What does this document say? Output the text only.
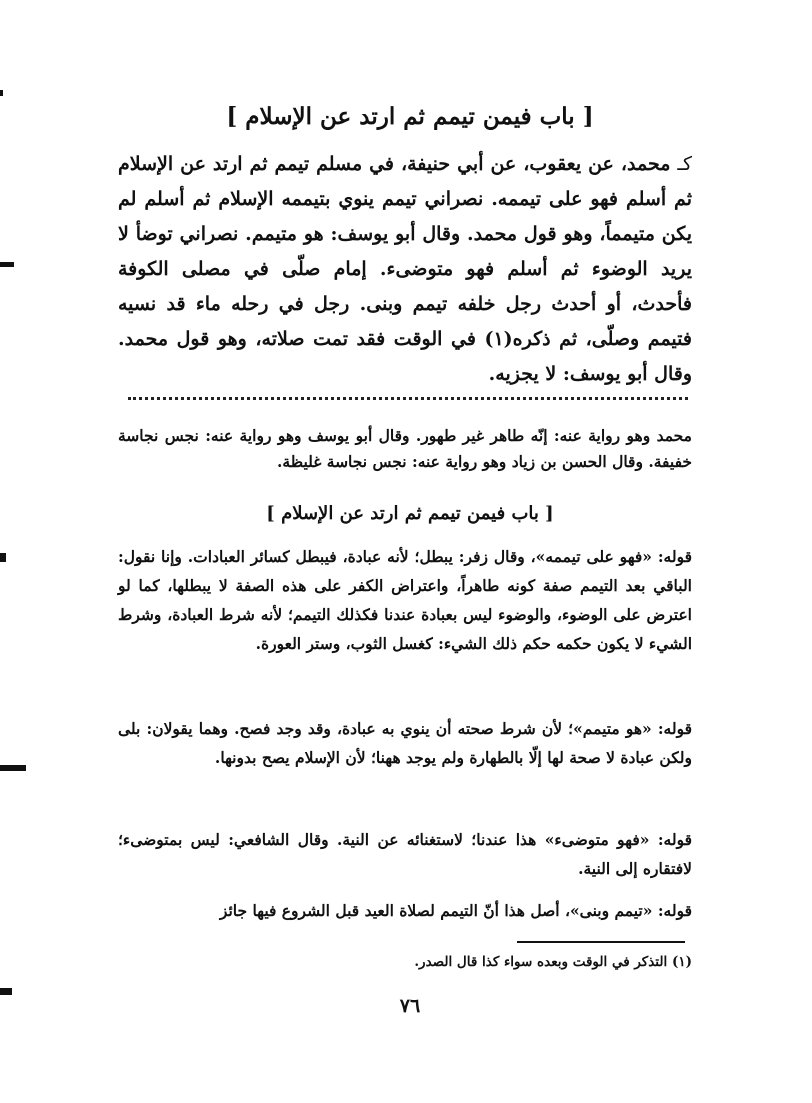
[ باب فيمن تيمم ثم ارتد عن الإسلام ]
كـ محمد، عن يعقوب، عن أبي حنيفة، في مسلم تيمم ثم ارتد عن الإسلام ثم أسلم فهو على تيممه. نصراني تيمم ينوي بتيممه الإسلام ثم أسلم لم يكن متيمماً، وهو قول محمد. وقال أبو يوسف: هو متيمم. نصراني توضأ لا يريد الوضوء ثم أسلم فهو متوضىء. إمام صلّى في مصلى الكوفة فأحدث، أو أحدث رجل خلفه تيمم وبنى. رجل في رحله ماء قد نسيه فتيمم وصلّى، ثم ذكره(١) في الوقت فقد تمت صلاته، وهو قول محمد. وقال أبو يوسف: لا يجزيه.
محمد وهو رواية عنه: إنّه طاهر غير طهور. وقال أبو يوسف وهو رواية عنه: نجس نجاسة خفيفة. وقال الحسن بن زياد وهو رواية عنه: نجس نجاسة غليظة.
[ باب فيمن تيمم ثم ارتد عن الإسلام ]
قوله: «فهو على تيممه»، وقال زفر: يبطل؛ لأنه عبادة، فيبطل كسائر العبادات. وإنا نقول: الباقي بعد التيمم صفة كونه طاهراً، واعتراض الكفر على هذه الصفة لا يبطلها، كما لو اعترض على الوضوء، والوضوء ليس بعبادة عندنا فكذلك التيمم؛ لأنه شرط العبادة، وشرط الشيء لا يكون حكمه حكم ذلك الشيء: كغسل الثوب، وستر العورة.
قوله: «هو متيمم»؛ لأن شرط صحته أن ينوي به عبادة، وقد وجد فصح. وهما يقولان: بلى ولكن عبادة لا صحة لها إلّا بالطهارة ولم يوجد ههنا؛ لأن الإسلام يصح بدونها.
قوله: «فهو متوضىء» هذا عندنا؛ لاستغنائه عن النية. وقال الشافعي: ليس بمتوضىء؛ لافتقاره إلى النية.
قوله: «تيمم وبنى»، أصل هذا أنّ التيمم لصلاة العيد قبل الشروع فيها جائز
(١) التذكر في الوقت وبعده سواء كذا قال الصدر.
٧٦
